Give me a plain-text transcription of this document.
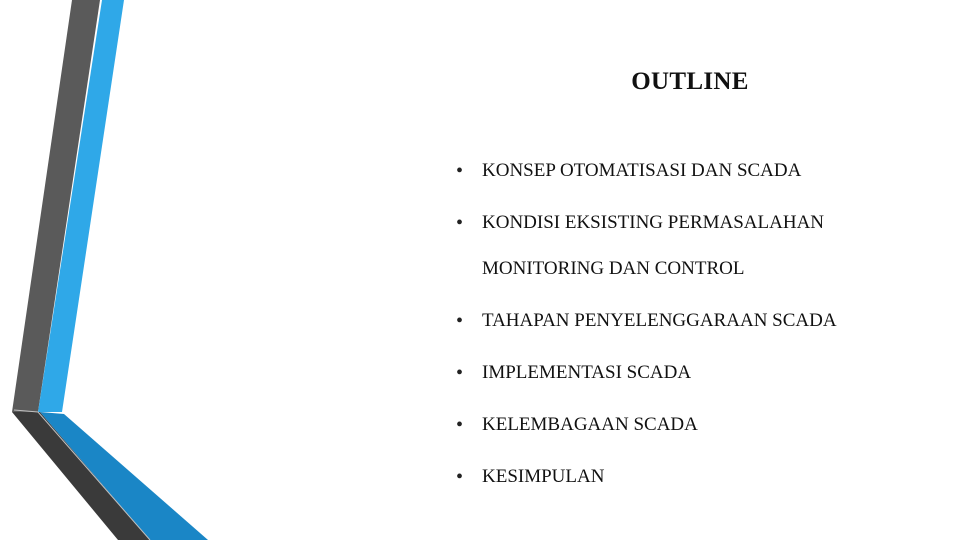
OUTLINE
• KONSEP OTOMATISASI DAN SCADA
• KONDISI EKSISTING PERMASALAHAN
MONITORING DAN CONTROL
• TAHAPAN PENYELENGGARAAN SCADA
• IMPLEMENTASI SCADA
• KELEMBAGAAN SCADA
• KESIMPULAN
